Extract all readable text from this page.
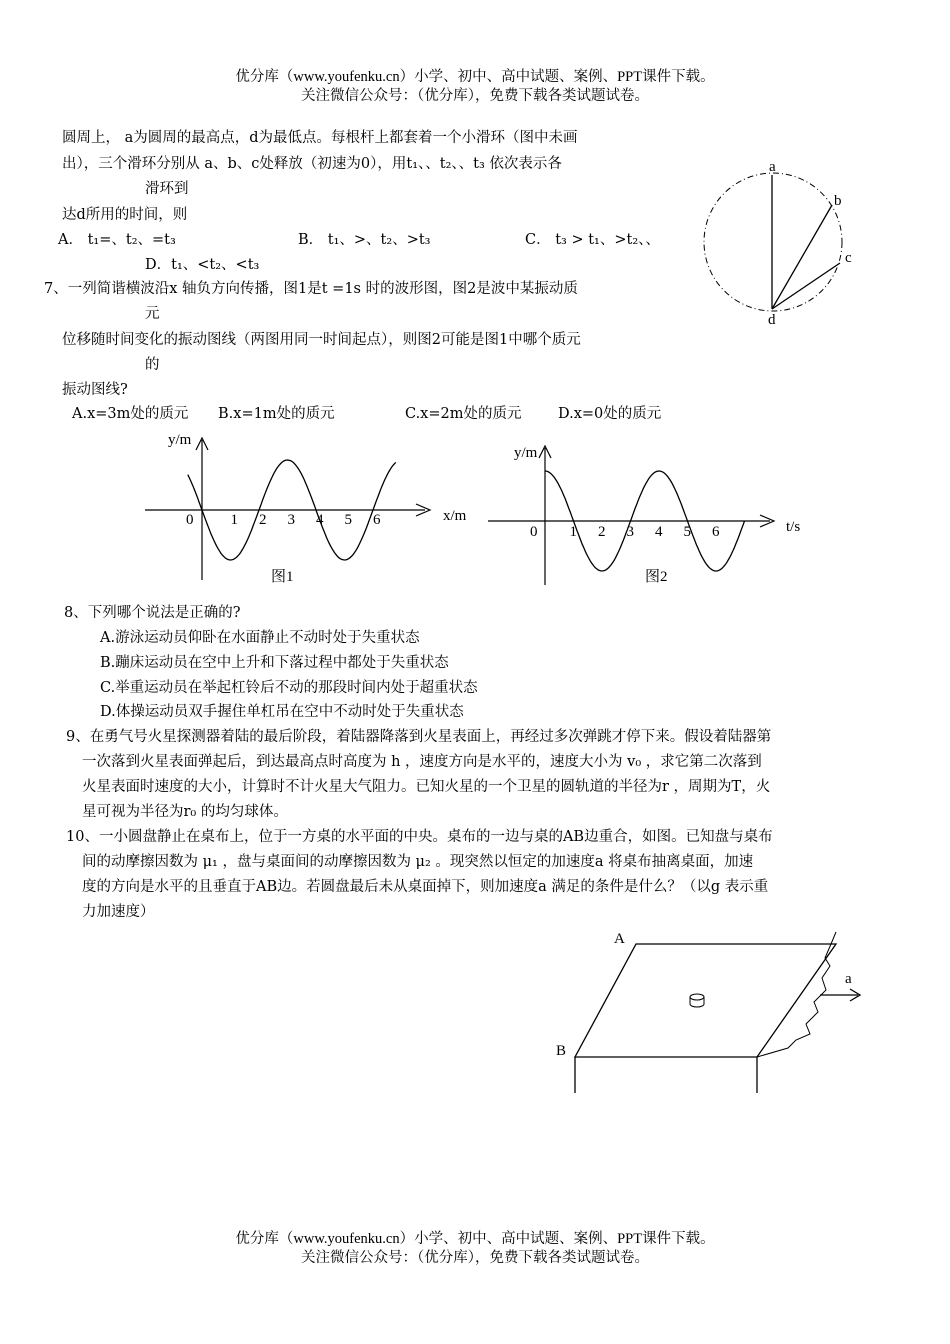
优分库（www.youfenku.cn）小学、初中、高中试题、案例、PPT课件下载。
关注微信公众号：（优分库），免费下载各类试题试卷。
圆周上， a为圆周的最高点，d为最低点。每根杆上都套着一个小滑环（图中未画
出），三个滑环分别从 a、b、c处释放（初速为0），用t₁、、t₂、、t₃ 依次表示各
滑环到
达d所用的时间，则
A． t₁=、t₂、=t₃	B． t₁、>、t₂、>t₃	C． t₃ > t₁、>t₂、、
D．t₁、<t₂、<t₃
a
b
c
d
7、一列简谐横波沿x 轴负方向传播，图1是t =1s 时的波形图，图2是波中某振动质
元
位移随时间变化的振动图线（两图用同一时间起点），则图2可能是图1中哪个质元
的
振动图线?
A.x=3m处的质元 B.x=1m处的质元	C.x=2m处的质元	D.x=0处的质元
y/m
x/m
0 1 2 3 4 5 6
图1
y/m
t/s
0 1 2 3 4 5 6
图2
8、下列哪个说法是正确的?
A.游泳运动员仰卧在水面静止不动时处于失重状态
B.蹦床运动员在空中上升和下落过程中都处于失重状态
C.举重运动员在举起杠铃后不动的那段时间内处于超重状态
D.体操运动员双手握住单杠吊在空中不动时处于失重状态
9、在勇气号火星探测器着陆的最后阶段，着陆器降落到火星表面上，再经过多次弹跳才停下来。假设着陆器第
一次落到火星表面弹起后，到达最高点时高度为 h ，速度方向是水平的，速度大小为 v₀ ，求它第二次落到
火星表面时速度的大小，计算时不计火星大气阻力。已知火星的一个卫星的圆轨道的半径为r ，周期为T，火
星可视为半径为r₀ 的均匀球体。
10、一小圆盘静止在桌布上，位于一方桌的水平面的中央。桌布的一边与桌的AB边重合，如图。已知盘与桌布
间的动摩擦因数为 μ₁ ，盘与桌面间的动摩擦因数为 μ₂ 。现突然以恒定的加速度a 将桌布抽离桌面，加速
度的方向是水平的且垂直于AB边。若圆盘最后未从桌面掉下，则加速度a 满足的条件是什么？（以g 表示重
力加速度）
A
B
a
优分库（www.youfenku.cn）小学、初中、高中试题、案例、PPT课件下载。
关注微信公众号：（优分库），免费下载各类试题试卷。
